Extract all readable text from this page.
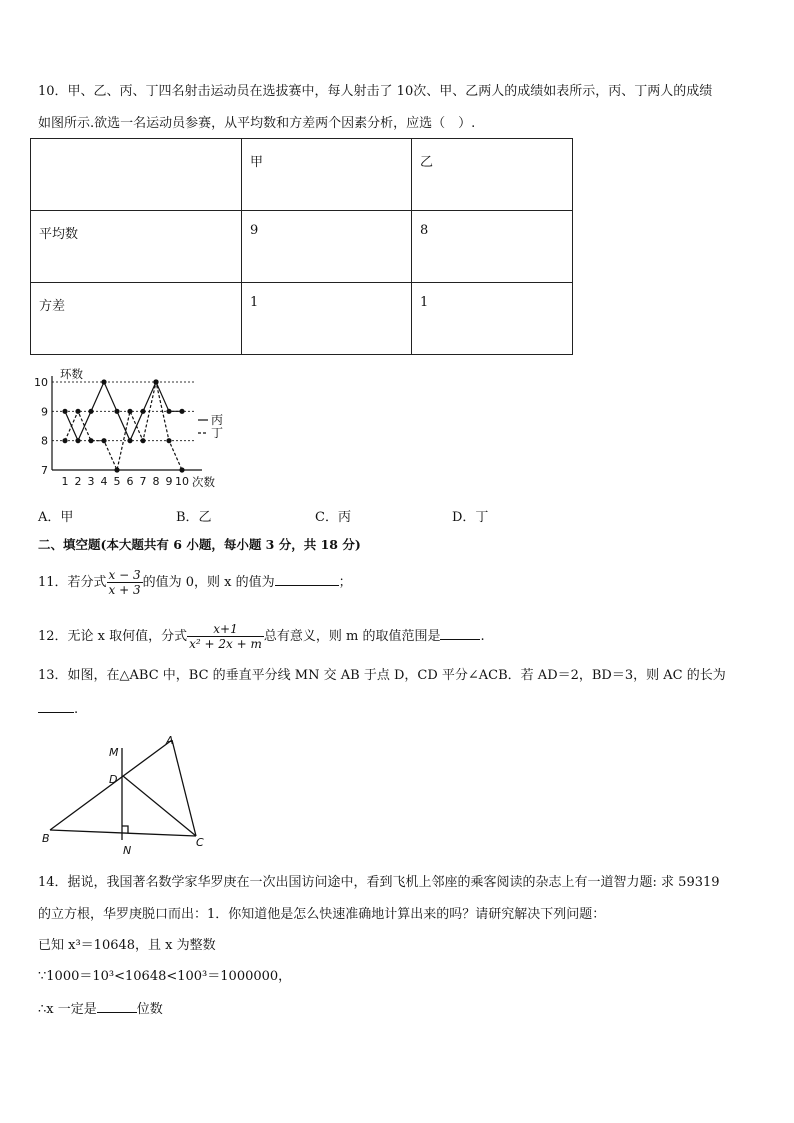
10．甲、乙、丙、丁四名射击运动员在选拔赛中，每人射击了 10次、甲、乙两人的成绩如表所示，丙、丁两人的成绩
如图所示.欲选一名运动员参赛，从平均数和方差两个因素分析，应选（　）.
	甲	乙
平均数	9	8
方差	1	1
7
8
9
10
1 2 3 4 5 6 7 8 9 10
环数
次数
丙
丁
A．甲	B．乙	C．丙	D．丁
二、填空题(本大题共有 6 小题，每小题 3 分，共 18 分)
11．若分式 $\frac{x - 3}{x + 3}$ 的值为 0，则 x 的值为	；
12．无论 x 取何值，分式 $\frac{x+1}{\text{x² + 2x + m}}$ 总有意义，则 m 的取值范围是	.
13．如图，在△ABC 中，BC 的垂直平分线 MN 交 AB 于点 D，CD 平分∠ACB．若 AD＝2，BD＝3，则 AC 的长为
.
M
A
D
B	C
N
14．据说，我国著名数学家华罗庚在一次出国访问途中，看到飞机上邻座的乘客阅读的杂志上有一道智力题: 求 59319
的立方根，华罗庚脱口而出：1．你知道他是怎么快速准确地计算出来的吗？请研究解决下列问题：
已知 x³＝10648，且 x 为整数
∵1000＝10³<10648<100³＝1000000，
∴x 一定是	位数
